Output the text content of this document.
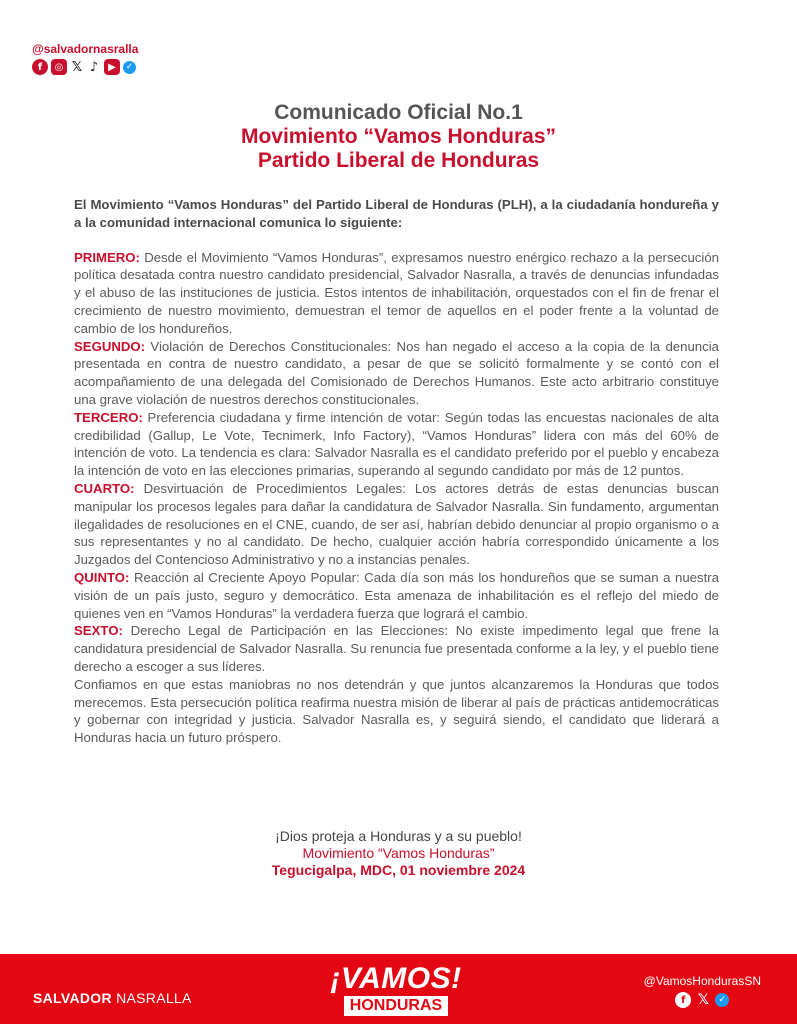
@salvadornasralla
f	◎ 𝕏 ♪	▶	✓
Comunicado Oficial No.1
Movimiento “Vamos Honduras”
Partido Liberal de Honduras

El Movimiento “Vamos Honduras” del Partido Liberal de Honduras (PLH), a la ciudadanía hondureña y a la comunidad internacional comunica lo siguiente:

PRIMERO: Desde el Movimiento “Vamos Honduras”, expresamos nuestro enérgico rechazo a la persecución política desatada contra nuestro candidato presidencial, Salvador Nasralla, a través de denuncias infundadas y el abuso de las instituciones de justicia. Estos intentos de inhabilitación, orquestados con el fin de frenar el crecimiento de nuestro movimiento, demuestran el temor de aquellos en el poder frente a la voluntad de cambio de los hondureños.

SEGUNDO: Violación de Derechos Constitucionales: Nos han negado el acceso a la copia de la denuncia presentada en contra de nuestro candidato, a pesar de que se solicitó formalmente y se contó con el acompañamiento de una delegada del Comisionado de Derechos Humanos. Este acto arbitrario constituye una grave violación de nuestros derechos constitucionales.

TERCERO: Preferencia ciudadana y firme intención de votar: Según todas las encuestas nacionales de alta credibilidad (Gallup, Le Vote, Tecnimerk, Info Factory), “Vamos Honduras” lidera con más del 60% de intención de voto. La tendencia es clara: Salvador Nasralla es el candidato preferido por el pueblo y encabeza la intención de voto en las elecciones primarias, superando al segundo candidato por más de 12 puntos.

CUARTO: Desvirtuación de Procedimientos Legales: Los actores detrás de estas denuncias buscan manipular los procesos legales para dañar la candidatura de Salvador Nasralla. Sin fundamento, argumentan ilegalidades de resoluciones en el CNE, cuando, de ser así, habrían debido denunciar al propio organismo o a sus representantes y no al candidato. De hecho, cualquier acción habría correspondido únicamente a los Juzgados del Contencioso Administrativo y no a instancias penales.

QUINTO: Reacción al Creciente Apoyo Popular: Cada día son más los hondureños que se suman a nuestra visión de un país justo, seguro y democrático. Esta amenaza de inhabilitación es el reflejo del miedo de quienes ven en “Vamos Honduras” la verdadera fuerza que logrará el cambio.

SEXTO: Derecho Legal de Participación en las Elecciones: No existe impedimento legal que frene la candidatura presidencial de Salvador Nasralla. Su renuncia fue presentada conforme a la ley, y el pueblo tiene derecho a escoger a sus líderes.

Confiamos en que estas maniobras no nos detendrán y que juntos alcanzaremos la Honduras que todos merecemos. Esta persecución política reafirma nuestra misión de liberar al país de prácticas antidemocráticas y gobernar con integridad y justicia. Salvador Nasralla es, y seguirá siendo, el candidato que liderará a Honduras hacia un futuro próspero.

¡Dios proteja a Honduras y a su pueblo!
Movimiento “Vamos Honduras”
Tegucigalpa, MDC, 01 noviembre 2024
SALVADOR NASRALLA
¡VAMOS!
HONDURAS
@VamosHondurasSN
f 𝕏	✓
